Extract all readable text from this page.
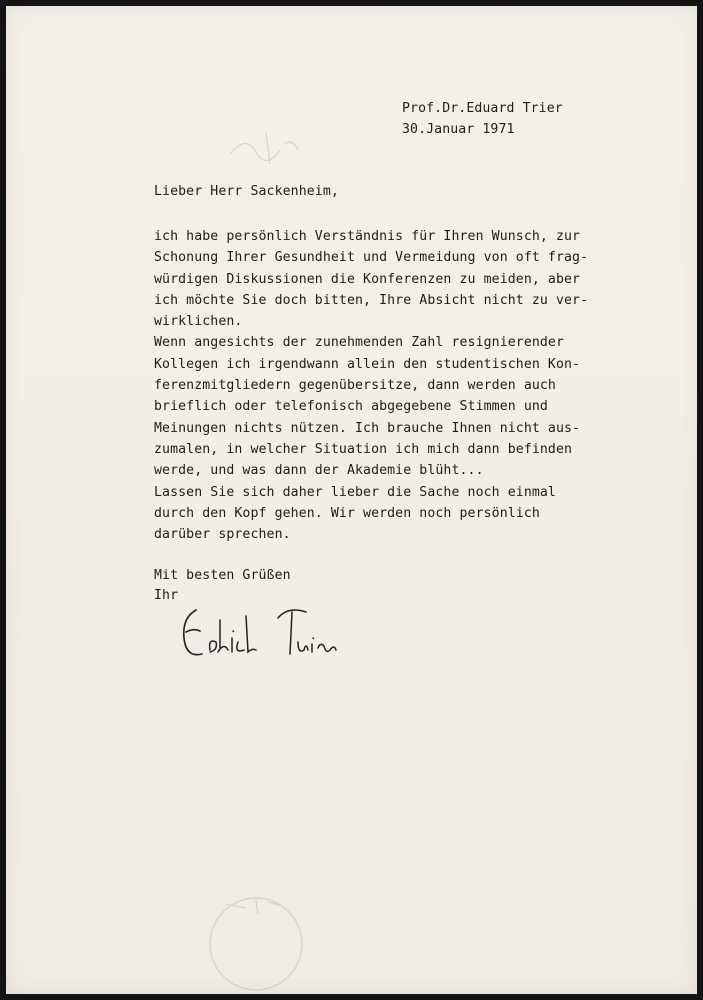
Prof.Dr.Eduard Trier
30.Januar 1971
Lieber Herr Sackenheim,
ich habe persönlich Verständnis für Ihren Wunsch, zur
Schonung Ihrer Gesundheit und Vermeidung von oft frag-
würdigen Diskussionen die Konferenzen zu meiden, aber
ich möchte Sie doch bitten, Ihre Absicht nicht zu ver-
wirklichen.
Wenn angesichts der zunehmenden Zahl resignierender
Kollegen ich irgendwann allein den studentischen Kon-
ferenzmitgliedern gegenübersitze, dann werden auch
brieflich oder telefonisch abgegebene Stimmen und
Meinungen nichts nützen. Ich brauche Ihnen nicht aus-
zumalen, in welcher Situation ich mich dann befinden
werde, und was dann der Akademie blüht...
Lassen Sie sich daher lieber die Sache noch einmal
durch den Kopf gehen. Wir werden noch persönlich
darüber sprechen.
Mit besten Grüßen
Ihr
